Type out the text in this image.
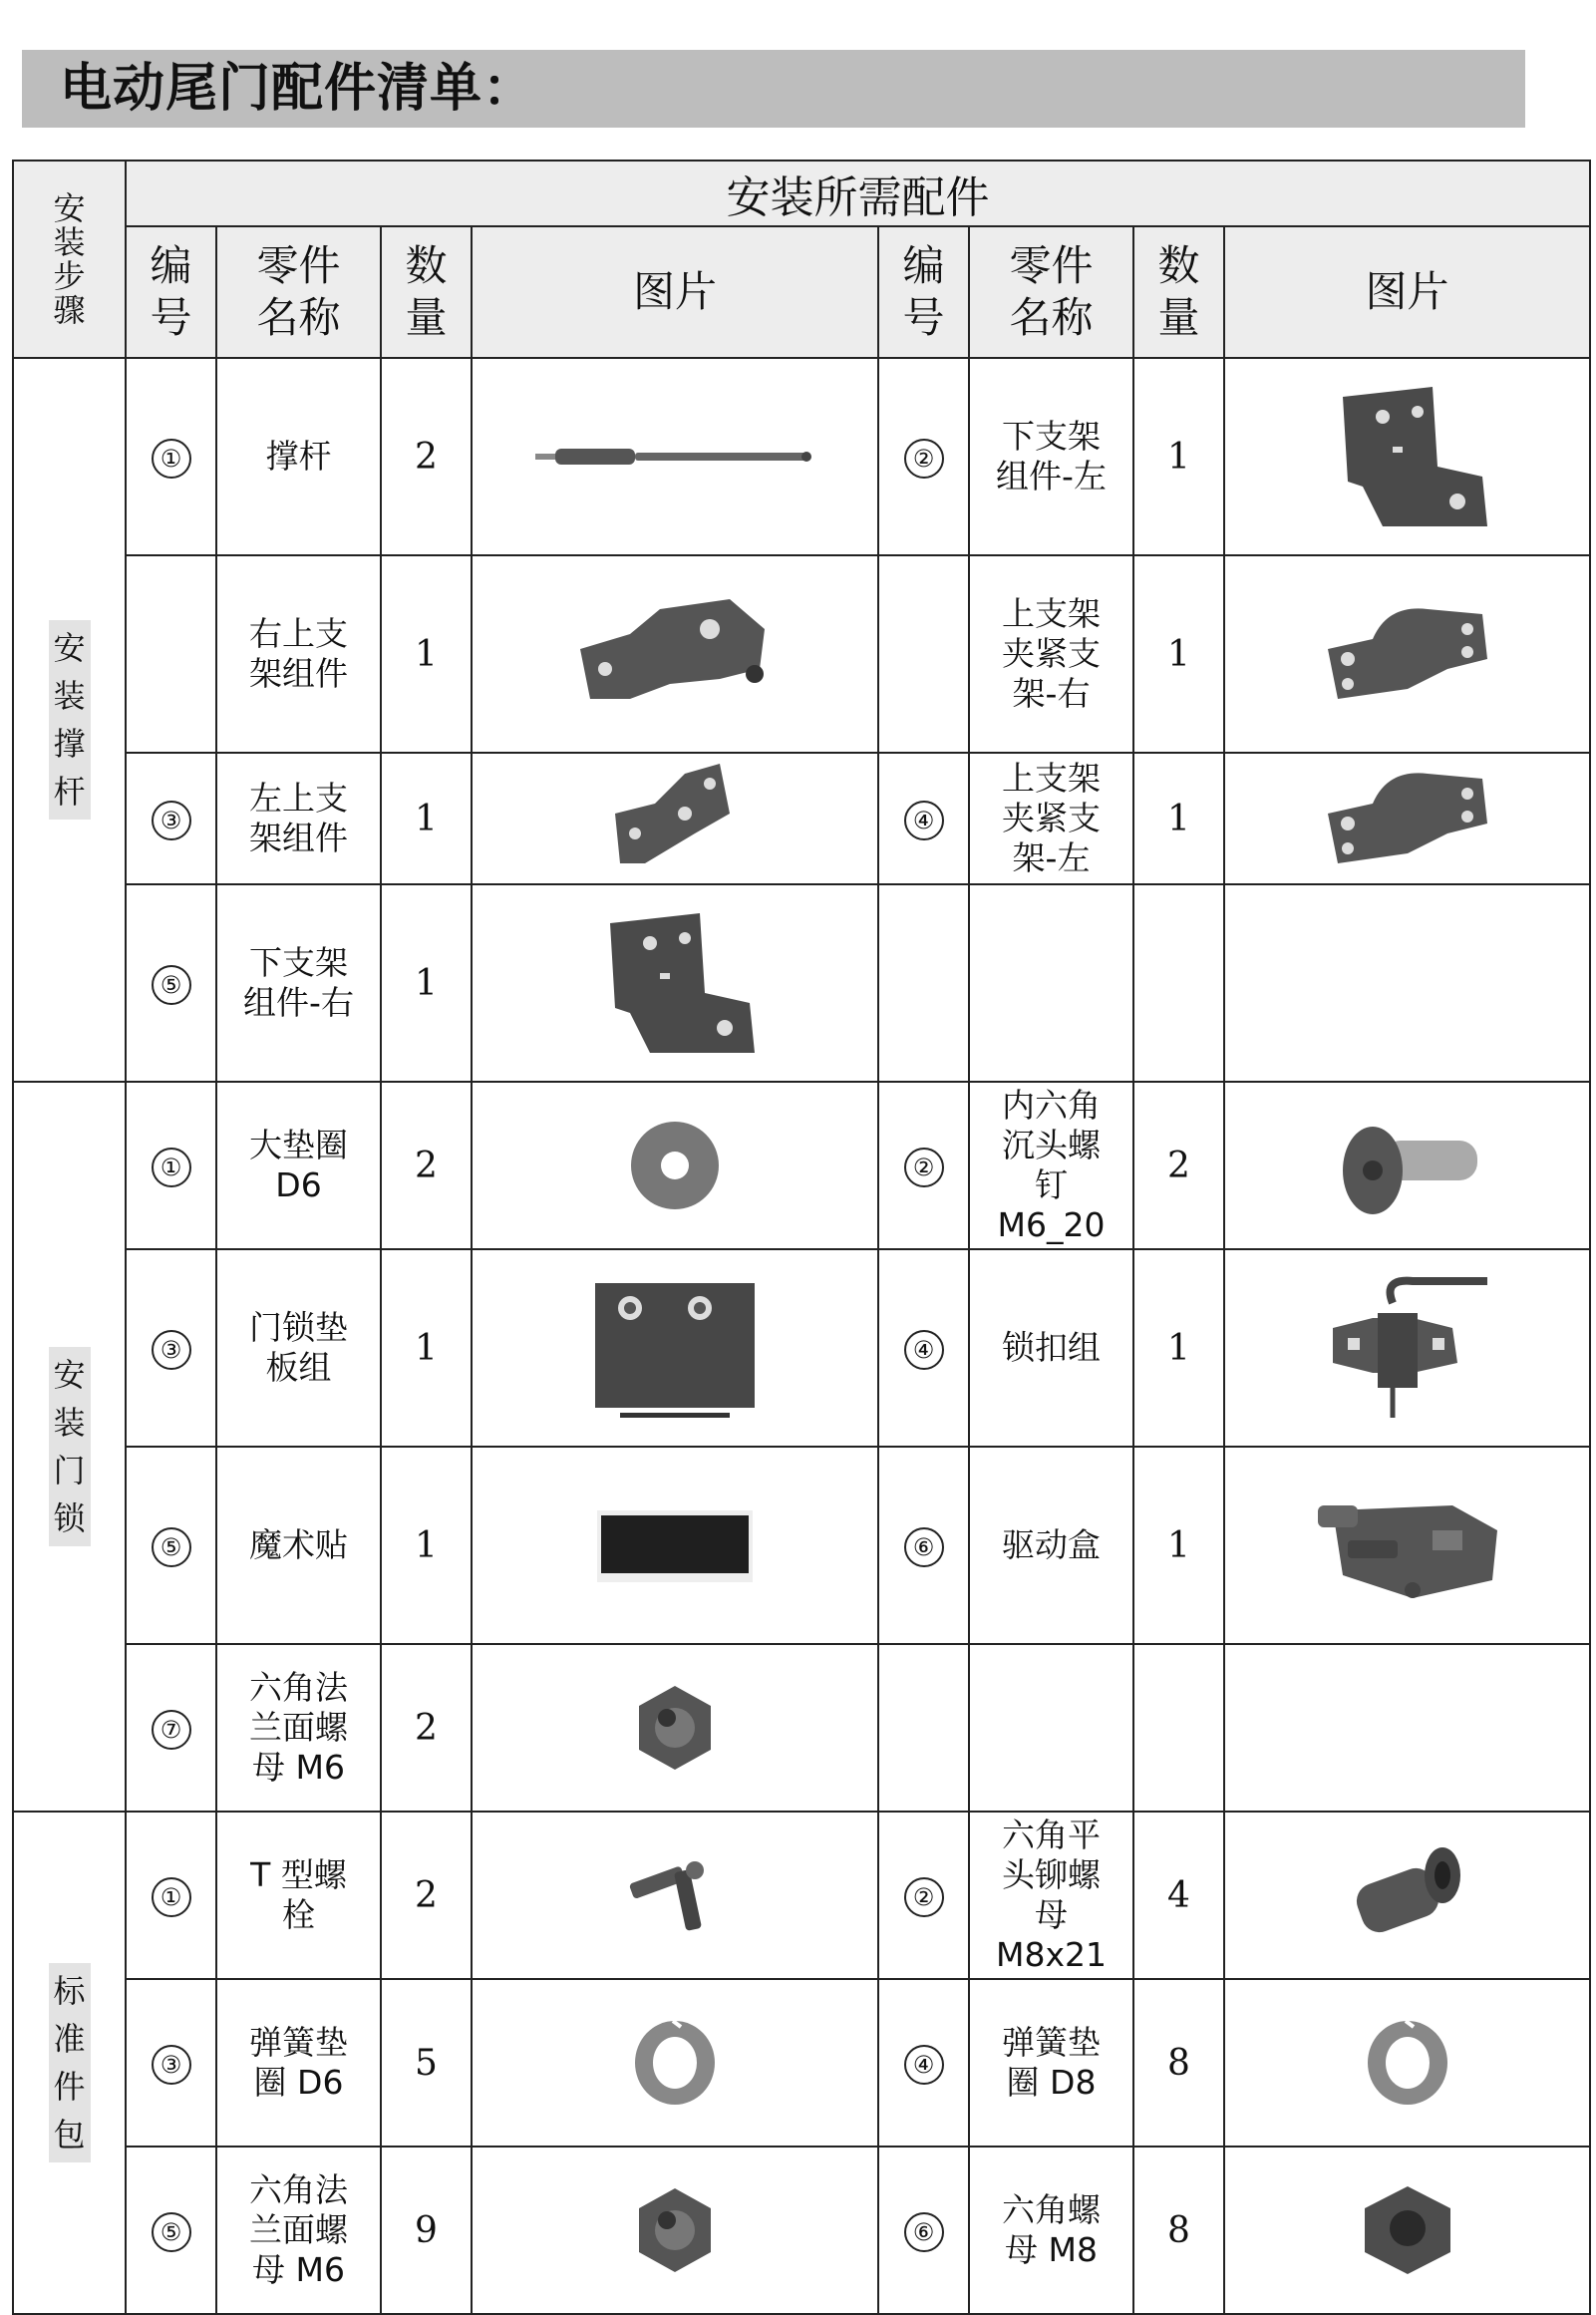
电动尾门配件清单：
安
装
步
骤	安装所需配件							
	编
号	零件
名称	数
量	图片	编
号	零件
名称	数
量	图片
安
装
撑
杆	①	撑杆	2		②	下支架
组件-左	1	

		右上支
架组件	1			上支架
夹紧支
架-右	1	

	③	左上支
架组件	1		④	上支架
夹紧支
架-左	1	

	⑤	下支架
组件-右	1	

安
装
门
锁	①	大垫圈
D6	2		②	内六角
沉头螺
钉
M6_20	2	

	③	门锁垫
板组	1		④	锁扣组	1	

	⑤	魔术贴	1		⑥	驱动盒	1	

	⑦	六角法
兰面螺
母 M6	2	

标
准
件
包	①	T 型螺
栓	2		②	六角平
头铆螺
母
M8x21	4	

	③	弹簧垫
圈 D6	5		④	弹簧垫
圈 D8	8	

	⑤	六角法
兰面螺
母 M6	9		⑥	六角螺
母 M8	8	
